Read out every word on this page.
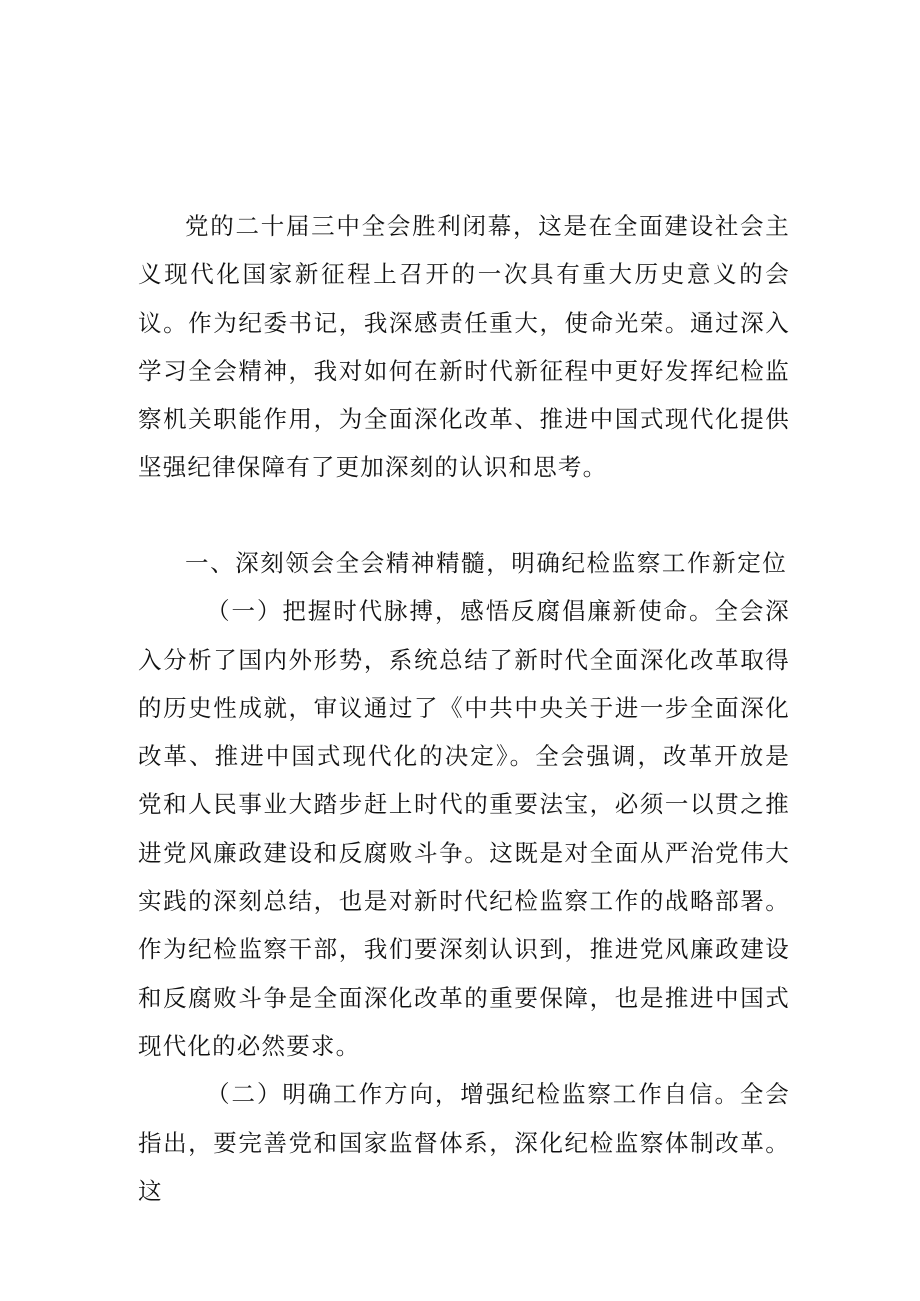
党的二十届三中全会胜利闭幕，这是在全面建设社会主义现代化国家新征程上召开的一次具有重大历史意义的会议。作为纪委书记，我深感责任重大，使命光荣。通过深入学习全会精神，我对如何在新时代新征程中更好发挥纪检监察机关职能作用，为全面深化改革、推进中国式现代化提供坚强纪律保障有了更加深刻的认识和思考。

一、深刻领会全会精神精髓，明确纪检监察工作新定位

（一）把握时代脉搏，感悟反腐倡廉新使命。全会深入分析了国内外形势，系统总结了新时代全面深化改革取得的历史性成就，审议通过了《中共中央关于进一步全面深化改革、推进中国式现代化的决定》。全会强调，改革开放是党和人民事业大踏步赶上时代的重要法宝，必须一以贯之推进党风廉政建设和反腐败斗争。这既是对全面从严治党伟大实践的深刻总结，也是对新时代纪检监察工作的战略部署。作为纪检监察干部，我们要深刻认识到，推进党风廉政建设和反腐败斗争是全面深化改革的重要保障，也是推进中国式现代化的必然要求。

（二）明确工作方向，增强纪检监察工作自信。全会指出，要完善党和国家监督体系，深化纪检监察体制改革。这
